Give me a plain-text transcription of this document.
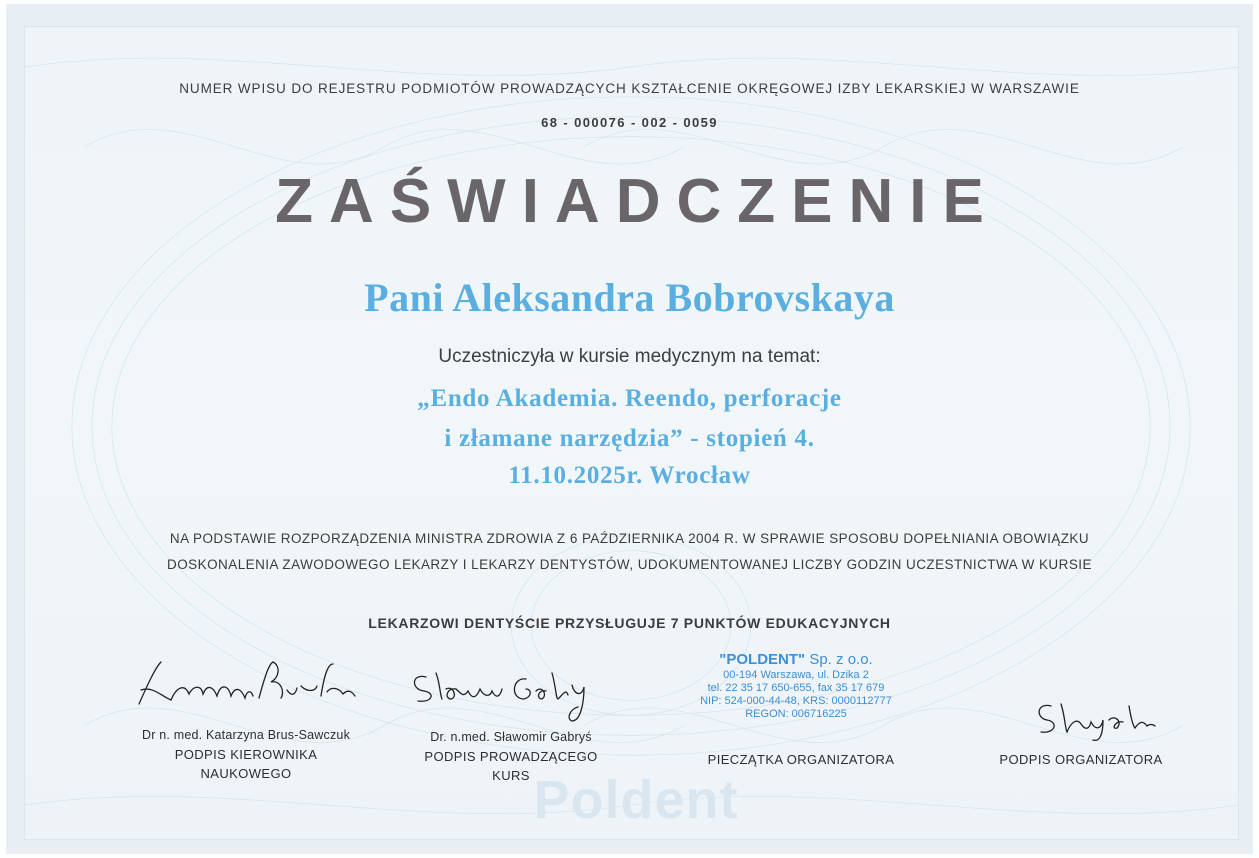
Poldent
NUMER WPISU DO REJESTRU PODMIOTÓW PROWADZĄCYCH KSZTAŁCENIE OKRĘGOWEJ IZBY LEKARSKIEJ W WARSZAWIE
68 - 000076 - 002 - 0059
ZAŚWIADCZENIE
Pani Aleksandra Bobrovskaya
Uczestniczyła w kursie medycznym na temat:
„Endo Akademia. Reendo, perforacje
i złamane narzędzia” - stopień 4.
11.10.2025r. Wrocław
NA PODSTAWIE ROZPORZĄDZENIA MINISTRA ZDROWIA Z 6 PAŹDZIERNIKA 2004 R. W SPRAWIE SPOSOBU DOPEŁNIANIA OBOWIĄZKU
DOSKONALENIA ZAWODOWEGO LEKARZY I LEKARZY DENTYSTÓW, UDOKUMENTOWANEJ LICZBY GODZIN UCZESTNICTWA W KURSIE
LEKARZOWI DENTYŚCIE PRZYSŁUGUJE 7 PUNKTÓW EDUKACYJNYCH
Dr n. med. Katarzyna Brus-Sawczuk
PODPIS KIEROWNIKA
NAUKOWEGO
Dr. n.med. Sławomir Gabryś
PODPIS PROWADZĄCEGO
KURS
PIECZĄTKA ORGANIZATORA	PODPIS ORGANIZATORA
"POLDENT" Sp. z o.o.
00-194 Warszawa, ul. Dzika 2
tel. 22 35 17 650-655, fax 35 17 679
NIP: 524-000-44-48, KRS: 0000112777
REGON: 006716225
